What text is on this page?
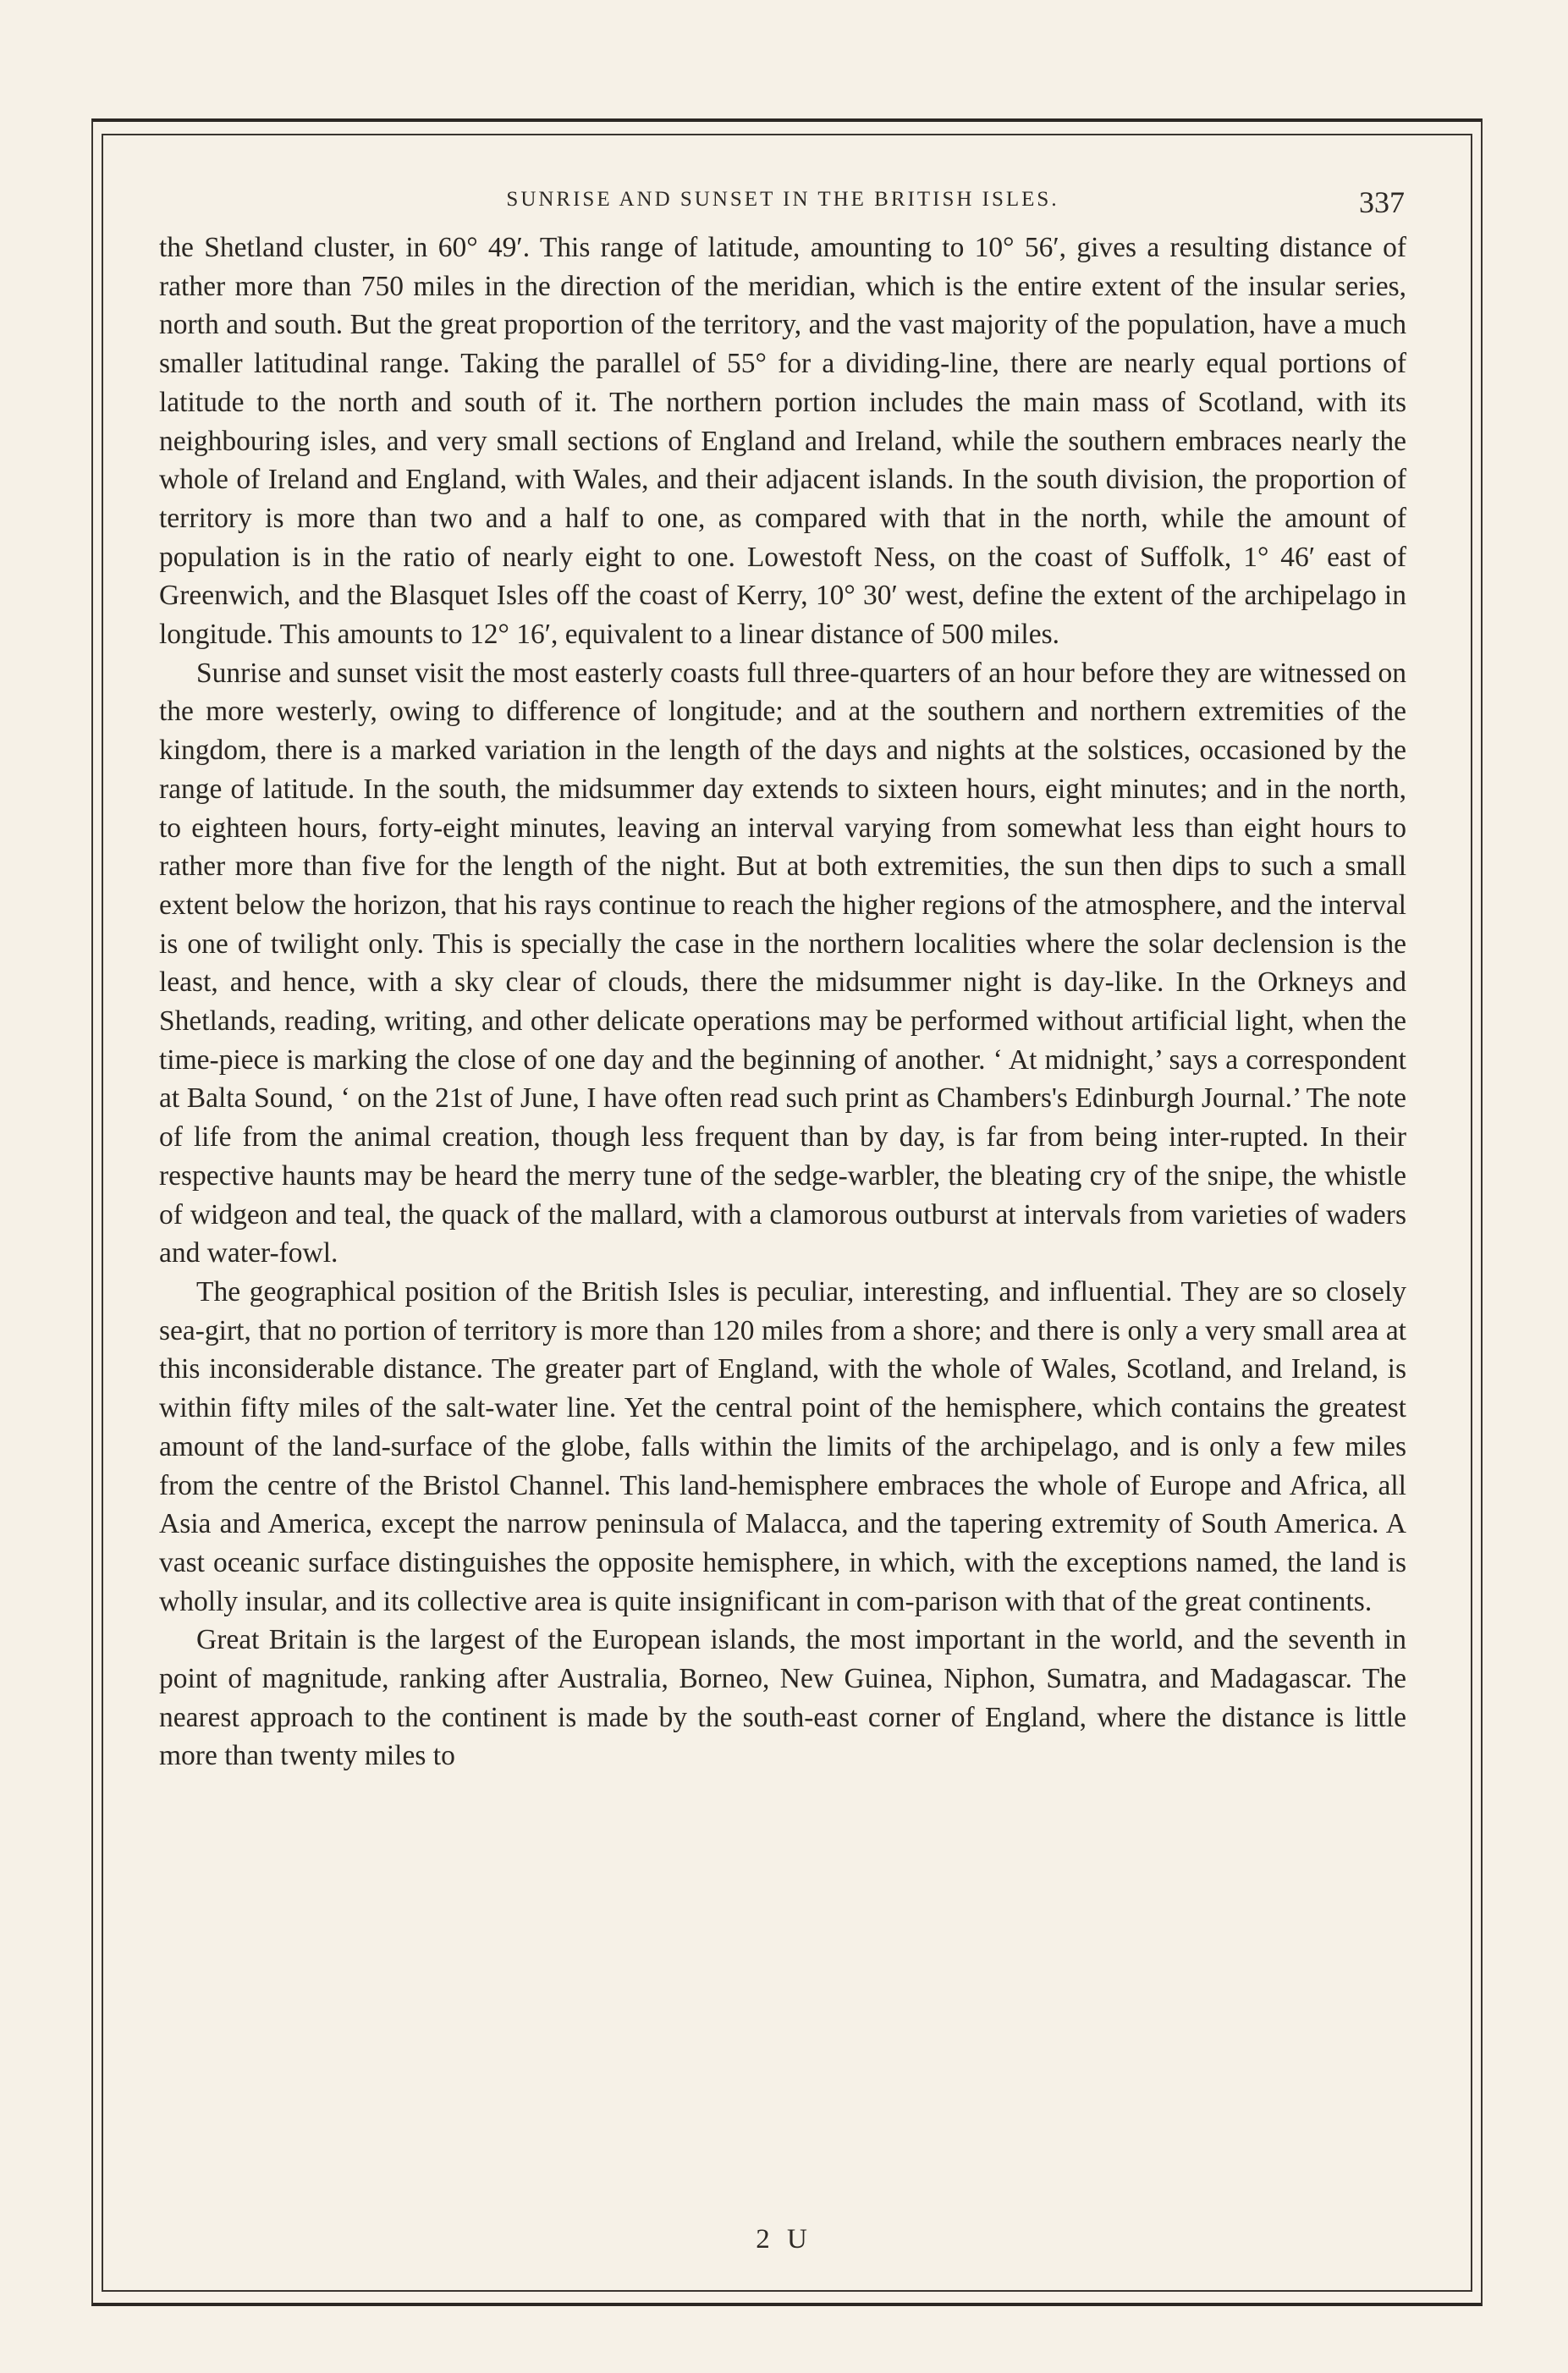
SUNRISE AND SUNSET IN THE BRITISH ISLES.	337

the Shetland cluster, in 60° 49′. This range of latitude, amounting to 10° 56′, gives a resulting distance of rather more than 750 miles in the direction of the meridian, which is the entire extent of the insular series, north and south. But the great proportion of the territory, and the vast majority of the population, have a much smaller latitudinal range. Taking the parallel of 55° for a dividing-line, there are nearly equal portions of latitude to the north and south of it. The northern portion includes the main mass of Scotland, with its neighbouring isles, and very small sections of England and Ireland, while the southern embraces nearly the whole of Ireland and England, with Wales, and their adjacent islands. In the south division, the proportion of territory is more than two and a half to one, as compared with that in the north, while the amount of population is in the ratio of nearly eight to one. Lowestoft Ness, on the coast of Suffolk, 1° 46′ east of Greenwich, and the Blasquet Isles off the coast of Kerry, 10° 30′ west, define the extent of the archipelago in longitude. This amounts to 12° 16′, equivalent to a linear distance of 500 miles.

Sunrise and sunset visit the most easterly coasts full three-quarters of an hour before they are witnessed on the more westerly, owing to difference of longitude; and at the southern and northern extremities of the kingdom, there is a marked variation in the length of the days and nights at the solstices, occasioned by the range of latitude. In the south, the midsummer day extends to sixteen hours, eight minutes; and in the north, to eighteen hours, forty-eight minutes, leaving an interval varying from somewhat less than eight hours to rather more than five for the length of the night. But at both extremities, the sun then dips to such a small extent below the horizon, that his rays continue to reach the higher regions of the atmosphere, and the interval is one of twilight only. This is specially the case in the northern localities where the solar declension is the least, and hence, with a sky clear of clouds, there the midsummer night is day-like. In the Orkneys and Shetlands, reading, writing, and other delicate operations may be performed without artificial light, when the time-piece is marking the close of one day and the beginning of another. ‘ At midnight,’ says a correspondent at Balta Sound, ‘ on the 21st of June, I have often read such print as Chambers's Edinburgh Journal.’ The note of life from the animal creation, though less frequent than by day, is far from being inter-rupted. In their respective haunts may be heard the merry tune of the sedge-warbler, the bleating cry of the snipe, the whistle of widgeon and teal, the quack of the mallard, with a clamorous outburst at intervals from varieties of waders and water-fowl.

The geographical position of the British Isles is peculiar, interesting, and influential. They are so closely sea-girt, that no portion of territory is more than 120 miles from a shore; and there is only a very small area at this inconsiderable distance. The greater part of England, with the whole of Wales, Scotland, and Ireland, is within fifty miles of the salt-water line. Yet the central point of the hemisphere, which contains the greatest amount of the land-surface of the globe, falls within the limits of the archipelago, and is only a few miles from the centre of the Bristol Channel. This land-hemisphere embraces the whole of Europe and Africa, all Asia and America, except the narrow peninsula of Malacca, and the tapering extremity of South America. A vast oceanic surface distinguishes the opposite hemisphere, in which, with the exceptions named, the land is wholly insular, and its collective area is quite insignificant in com-parison with that of the great continents.

Great Britain is the largest of the European islands, the most important in the world, and the seventh in point of magnitude, ranking after Australia, Borneo, New Guinea, Niphon, Sumatra, and Madagascar. The nearest approach to the continent is made by the south-east corner of England, where the distance is little more than twenty miles to

2 U
